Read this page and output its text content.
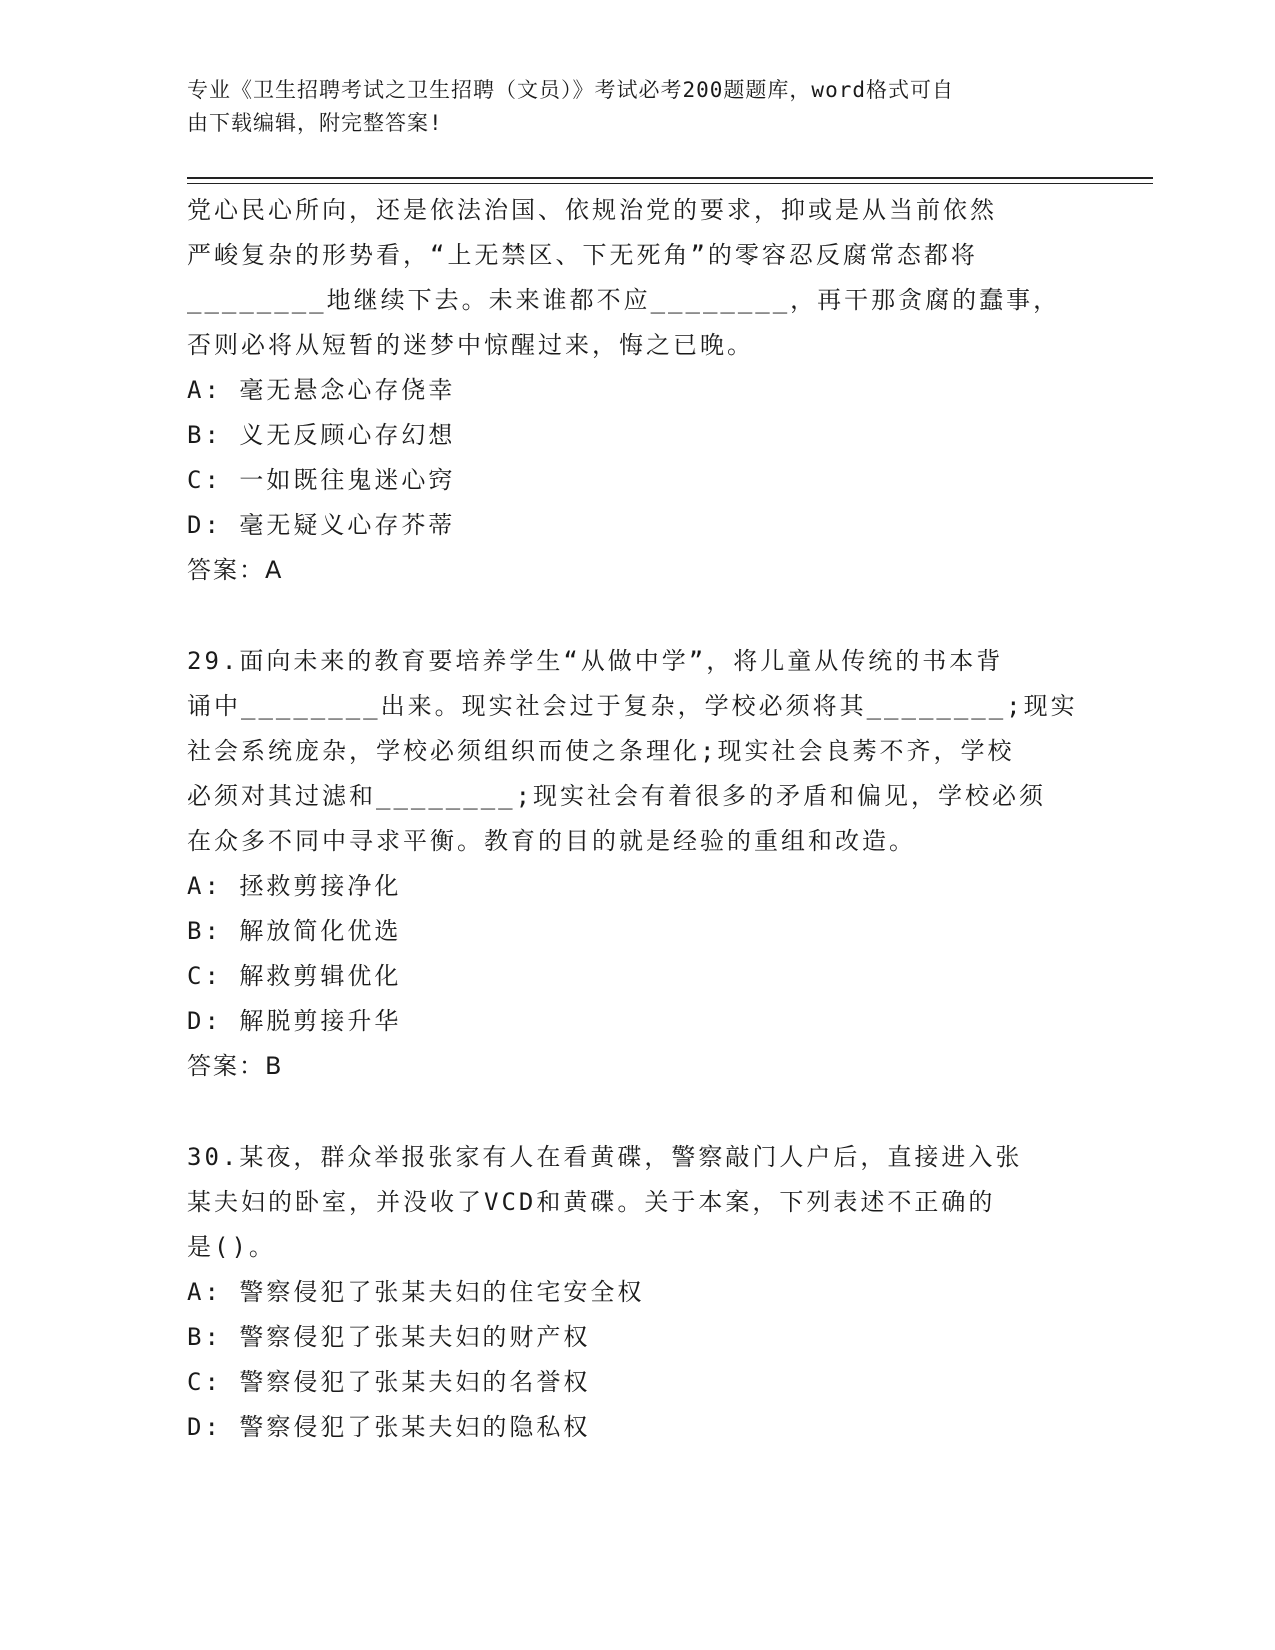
专业《卫生招聘考试之卫生招聘（文员）》考试必考200题题库，word格式可自
由下载编辑，附完整答案!

党心民心所向，还是依法治国、依规治党的要求，抑或是从当前依然

严峻复杂的形势看，“上无禁区、下无死角”的零容忍反腐常态都将

________地继续下去。未来谁都不应________，再干那贪腐的蠢事，

否则必将从短暂的迷梦中惊醒过来，悔之已晚。

A: 毫无悬念心存侥幸

B: 义无反顾心存幻想

C: 一如既往鬼迷心窍

D: 毫无疑义心存芥蒂

答案：A

29.面向未来的教育要培养学生“从做中学”，将儿童从传统的书本背

诵中________出来。现实社会过于复杂，学校必须将其________;现实

社会系统庞杂，学校必须组织而使之条理化;现实社会良莠不齐，学校

必须对其过滤和________;现实社会有着很多的矛盾和偏见，学校必须

在众多不同中寻求平衡。教育的目的就是经验的重组和改造。

A: 拯救剪接净化

B: 解放简化优选

C: 解救剪辑优化

D: 解脱剪接升华

答案：B

30.某夜，群众举报张家有人在看黄碟，警察敲门人户后，直接进入张

某夫妇的卧室，并没收了VCD和黄碟。关于本案，下列表述不正确的

是()。

A: 警察侵犯了张某夫妇的住宅安全权

B: 警察侵犯了张某夫妇的财产权

C: 警察侵犯了张某夫妇的名誉权

D: 警察侵犯了张某夫妇的隐私权
